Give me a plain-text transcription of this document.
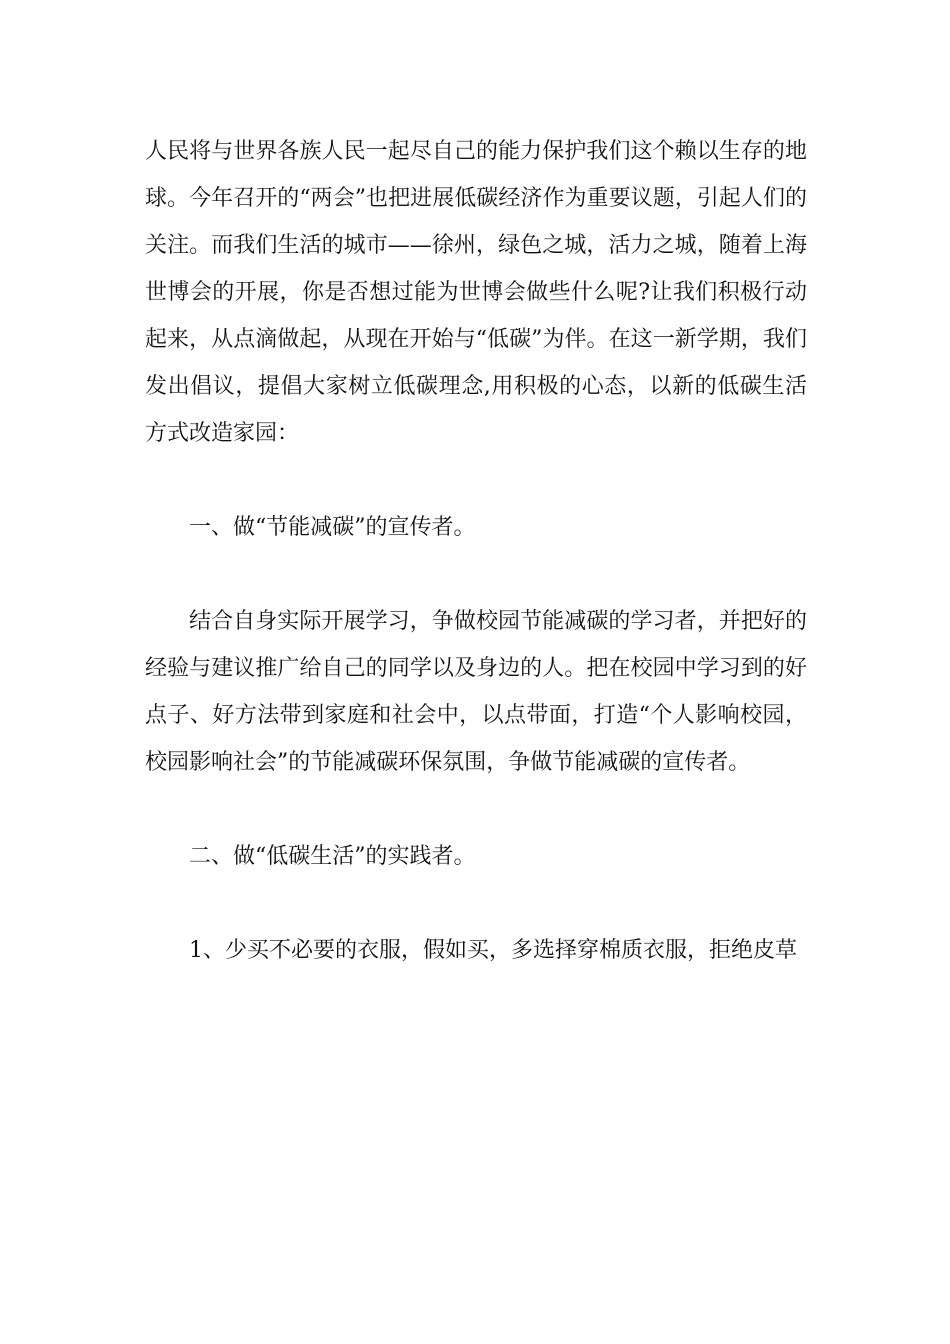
人民将与世界各族人民一起尽自己的能力保护我们这个赖以生存的地球。今年召开的“两会”也把进展低碳经济作为重要议题，引起人们的关注。而我们生活的城市——徐州，绿色之城，活力之城，随着上海世博会的开展，你是否想过能为世博会做些什么呢?让我们积极行动起来，从点滴做起，从现在开始与“低碳”为伴。在这一新学期，我们发出倡议，提倡大家树立低碳理念,用积极的心态，以新的低碳生活方式改造家园：

一、做“节能减碳”的宣传者。

结合自身实际开展学习，争做校园节能减碳的学习者，并把好的经验与建议推广给自己的同学以及身边的人。把在校园中学习到的好点子、好方法带到家庭和社会中，以点带面，打造“个人影响校园，校园影响社会”的节能减碳环保氛围，争做节能减碳的宣传者。

二、做“低碳生活”的实践者。

1、少买不必要的衣服，假如买，多选择穿棉质衣服，拒绝皮草
